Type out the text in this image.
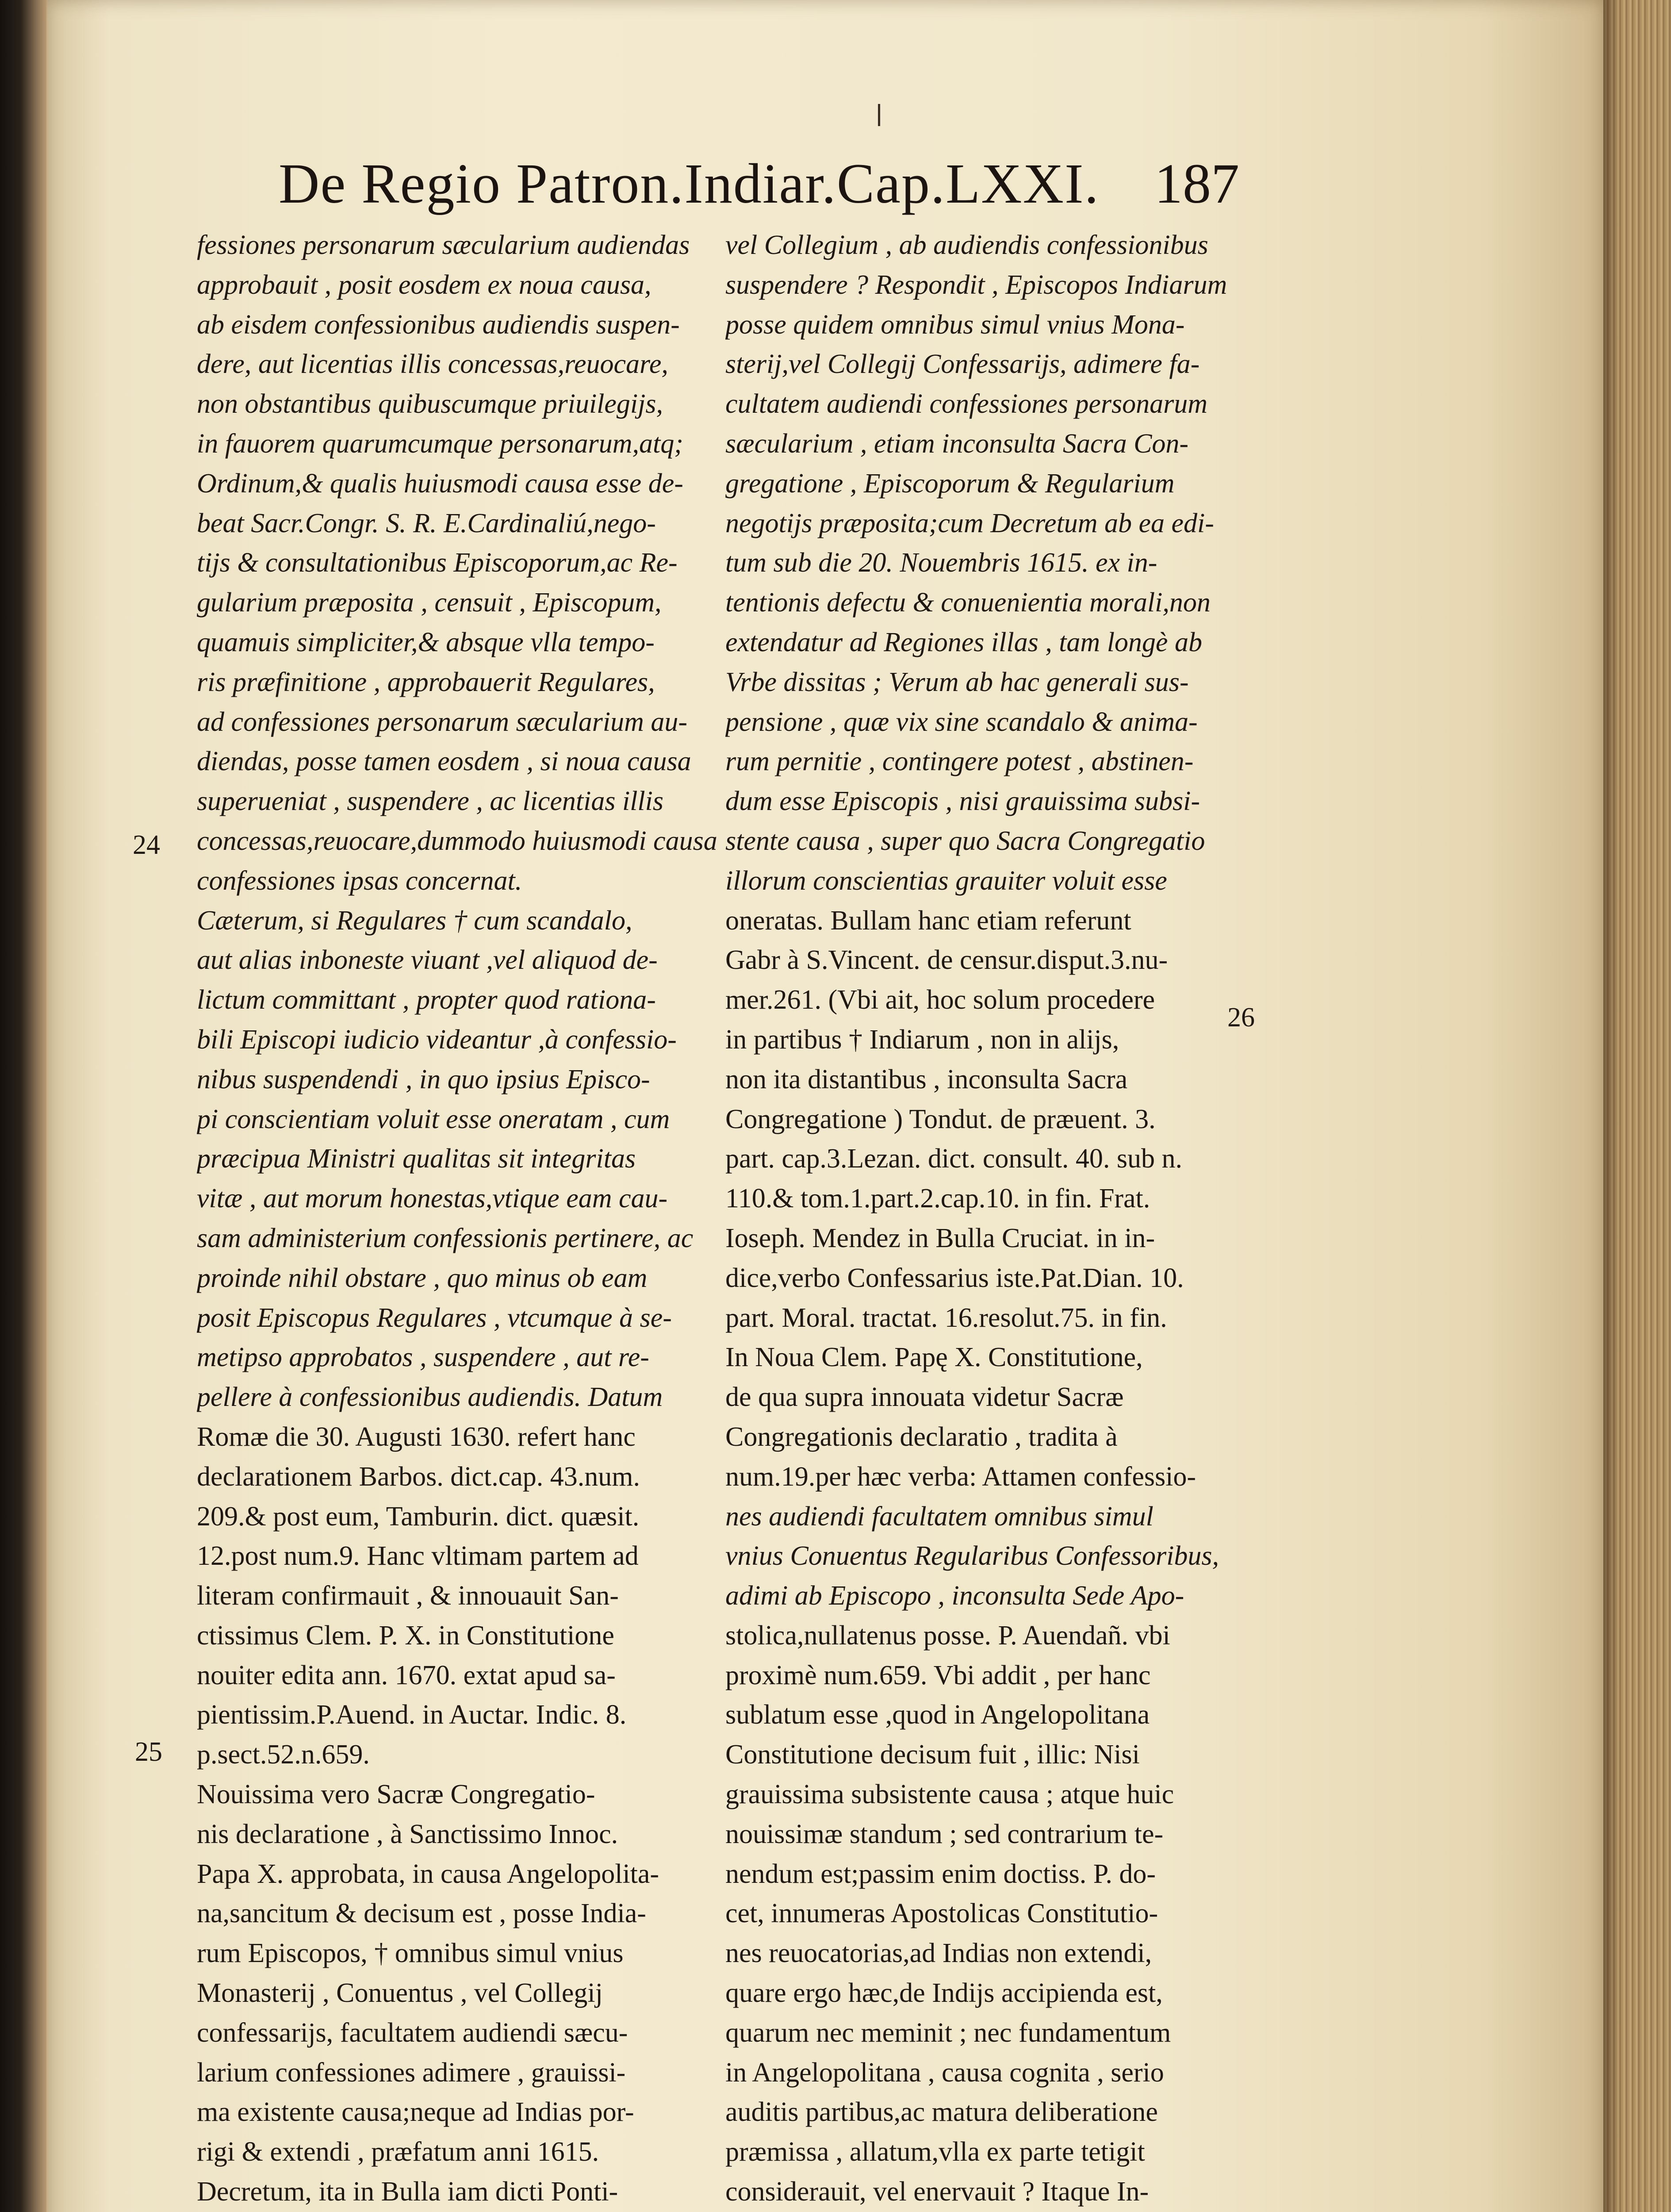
De Regio Patron.Indiar.Cap.LXXI. 187
fessiones personarum sæcularium audiendas
approbauit , posit eosdem ex noua causa,
ab eisdem confessionibus audiendis suspen-
dere, aut licentias illis concessas,reuocare,
non obstantibus quibuscumque priuilegijs,
in fauorem quarumcumque personarum,atq;
Ordinum,& qualis huiusmodi causa esse de-
beat Sacr.Congr. S. R. E.Cardinaliú,nego-
tijs & consultationibus Episcoporum,ac Re-
gularium præposita , censuit , Episcopum,
quamuis simpliciter,& absque vlla tempo-
ris præfinitione , approbauerit Regulares,
ad confessiones personarum sæcularium au-
diendas, posse tamen eosdem , si noua causa
superueniat , suspendere , ac licentias illis
concessas,reuocare,dummodo huiusmodi causa
confessiones ipsas concernat.
Cæterum, si Regulares † cum scandalo,
aut alias inboneste viuant ,vel aliquod de-
lictum committant , propter quod rationa-
bili Episcopi iudicio videantur ,à confessio-
nibus suspendendi , in quo ipsius Episco-
pi conscientiam voluit esse oneratam , cum
præcipua Ministri qualitas sit integritas
vitæ , aut morum honestas,vtique eam cau-
sam administerium confessionis pertinere, ac
proinde nihil obstare , quo minus ob eam
posit Episcopus Regulares , vtcumque à se-
metipso approbatos , suspendere , aut re-
pellere à confessionibus audiendis. Datum
Romæ die 30. Augusti 1630. refert hanc
declarationem Barbos. dict.cap. 43.num.
209.& post eum, Tamburin. dict. quæsit.
12.post num.9. Hanc vltimam partem ad
literam confirmauit , & innouauit San-
ctissimus Clem. P. X. in Constitutione
nouiter edita ann. 1670. extat apud sa-
pientissim.P.Auend. in Auctar. Indic. 8.
p.sect.52.n.659.
Nouissima vero Sacræ Congregatio-
nis declaratione , à Sanctissimo Innoc.
Papa X. approbata, in causa Angelopolita-
na,sancitum & decisum est , posse India-
rum Episcopos, † omnibus simul vnius
Monasterij , Conuentus , vel Collegij
confessarijs, facultatem audiendi sæcu-
larium confessiones adimere , grauissi-
ma existente causa;neque ad Indias por-
rigi & extendi , præfatum anni 1615.
Decretum, ita in Bulla iam dicti Ponti-
vel Collegium , ab audiendis confessionibus
suspendere ? Respondit , Episcopos Indiarum
posse quidem omnibus simul vnius Mona-
sterij,vel Collegij Confessarijs, adimere fa-
cultatem audiendi confessiones personarum
sæcularium , etiam inconsulta Sacra Con-
gregatione , Episcoporum & Regularium
negotijs præposita;cum Decretum ab ea edi-
tum sub die 20. Nouembris 1615. ex in-
tentionis defectu & conuenientia morali,non
extendatur ad Regiones illas , tam longè ab
Vrbe dissitas ; Verum ab hac generali sus-
pensione , quæ vix sine scandalo & anima-
rum pernitie , contingere potest , abstinen-
dum esse Episcopis , nisi grauissima subsi-
stente causa , super quo Sacra Congregatio
illorum conscientias grauiter voluit esse
oneratas. Bullam hanc etiam referunt
Gabr à S.Vincent. de censur.disput.3.nu-
mer.261. (Vbi ait, hoc solum procedere
in partibus † Indiarum , non in alijs,
non ita distantibus , inconsulta Sacra
Congregatione ) Tondut. de præuent. 3.
part. cap.3.Lezan. dict. consult. 40. sub n.
110.& tom.1.part.2.cap.10. in fin. Frat.
Ioseph. Mendez in Bulla Cruciat. in in-
dice,verbo Confessarius iste.Pat.Dian. 10.
part. Moral. tractat. 16.resolut.75. in fin.
In Noua Clem. Papę X. Constitutione,
de qua supra innouata videtur Sacræ
Congregationis declaratio , tradita à
num.19.per hæc verba: Attamen confessio-
nes audiendi facultatem omnibus simul
vnius Conuentus Regularibus Confessoribus,
adimi ab Episcopo , inconsulta Sede Apo-
stolica,nullatenus posse. P. Auendañ. vbi
proximè num.659. Vbi addit , per hanc
sublatum esse ,quod in Angelopolitana
Constitutione decisum fuit , illic: Nisi
grauissima subsistente causa ; atque huic
nouissimæ standum ; sed contrarium te-
nendum est;passim enim doctiss. P. do-
cet, innumeras Apostolicas Constitutio-
nes reuocatorias,ad Indias non extendi,
quare ergo hæc,de Indijs accipienda est,
quarum nec meminit ; nec fundamentum
in Angelopolitana , causa cognita , serio
auditis partibus,ac matura deliberatione
præmissa , allatum,vlla ex parte tetigit
considerauit, vel enervauit ? Itaque In-
24
25
26
